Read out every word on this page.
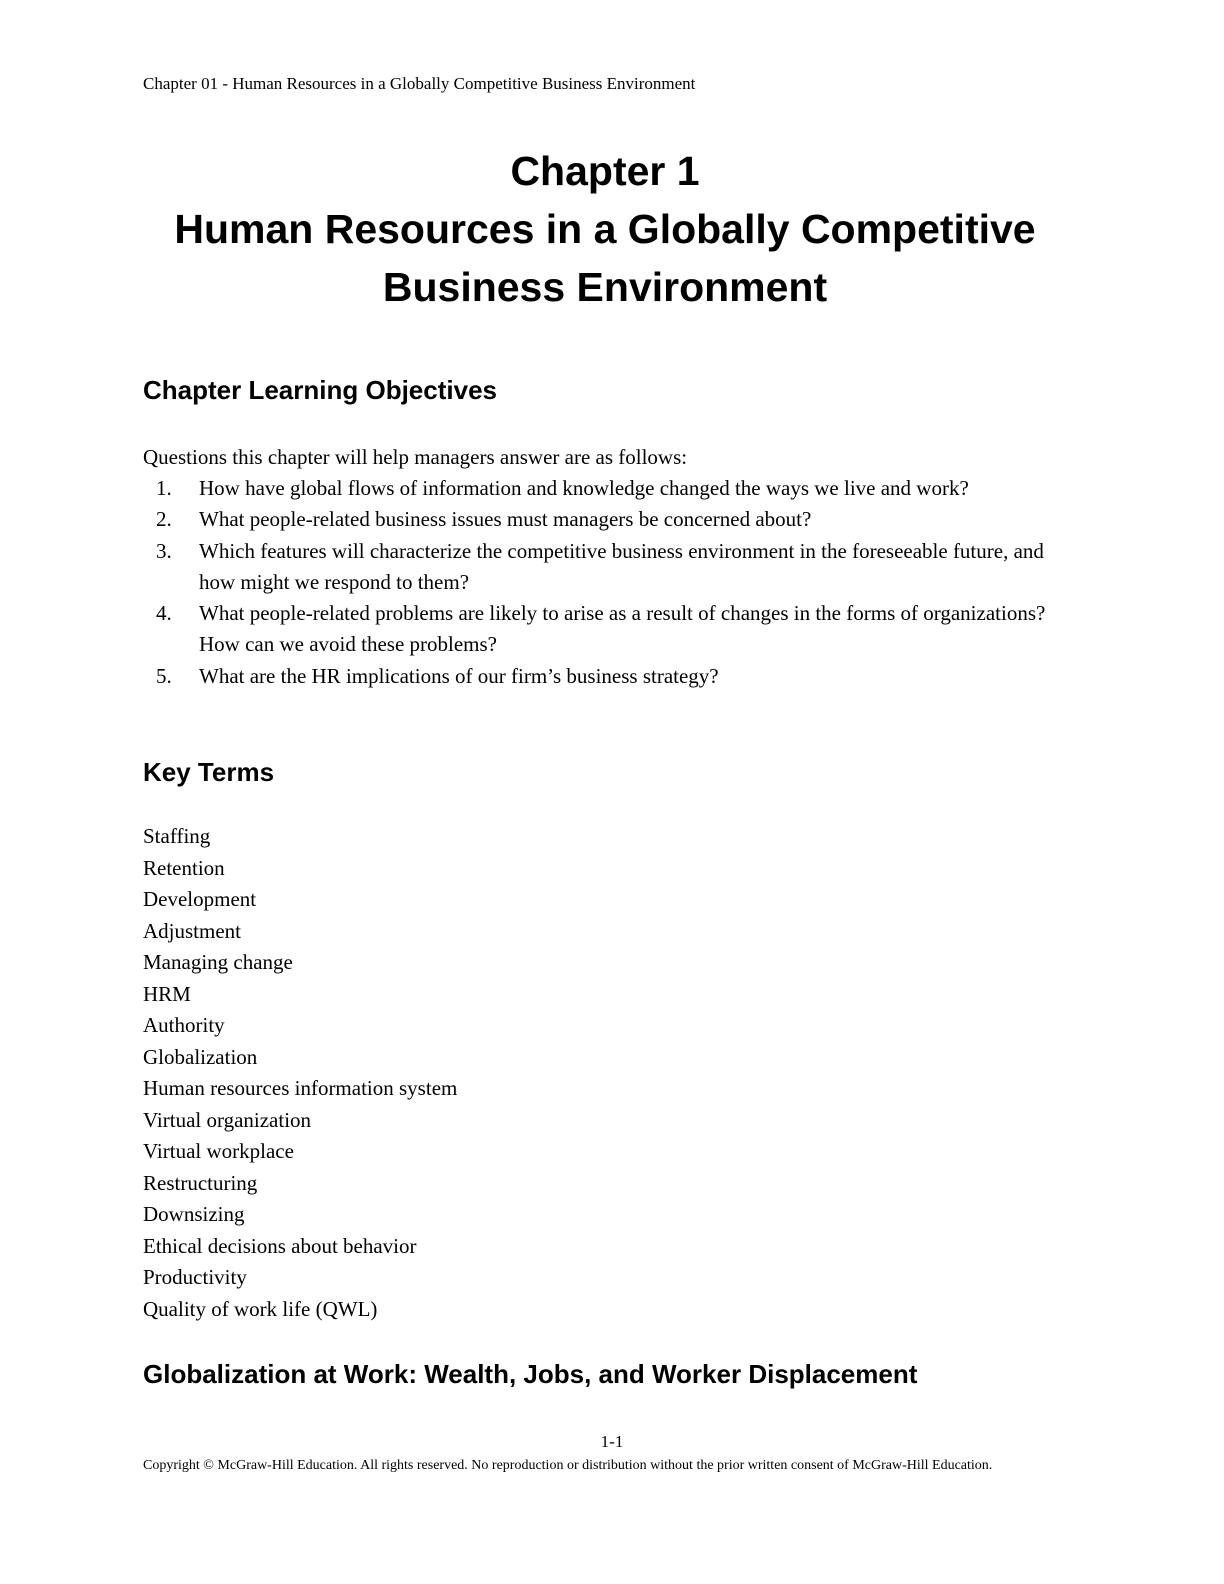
Chapter 01 - Human Resources in a Globally Competitive Business Environment
Chapter 1
Human Resources in a Globally Competitive
Business Environment
Chapter Learning Objectives

Questions this chapter will help managers answer are as follows:

1. How have global flows of information and knowledge changed the ways we live and work?
2. What people-related business issues must managers be concerned about?
3. Which features will characterize the competitive business environment in the foreseeable future, and how might we respond to them?
4. What people-related problems are likely to arise as a result of changes in the forms of organizations? How can we avoid these problems?
5. What are the HR implications of our firm’s business strategy?
Key Terms
Staffing
Retention
Development
Adjustment
Managing change
HRM
Authority
Globalization
Human resources information system
Virtual organization
Virtual workplace
Restructuring
Downsizing
Ethical decisions about behavior
Productivity
Quality of work life (QWL)
Globalization at Work: Wealth, Jobs, and Worker Displacement
1-1
Copyright © McGraw-Hill Education. All rights reserved. No reproduction or distribution without the prior written consent of McGraw-Hill Education.
